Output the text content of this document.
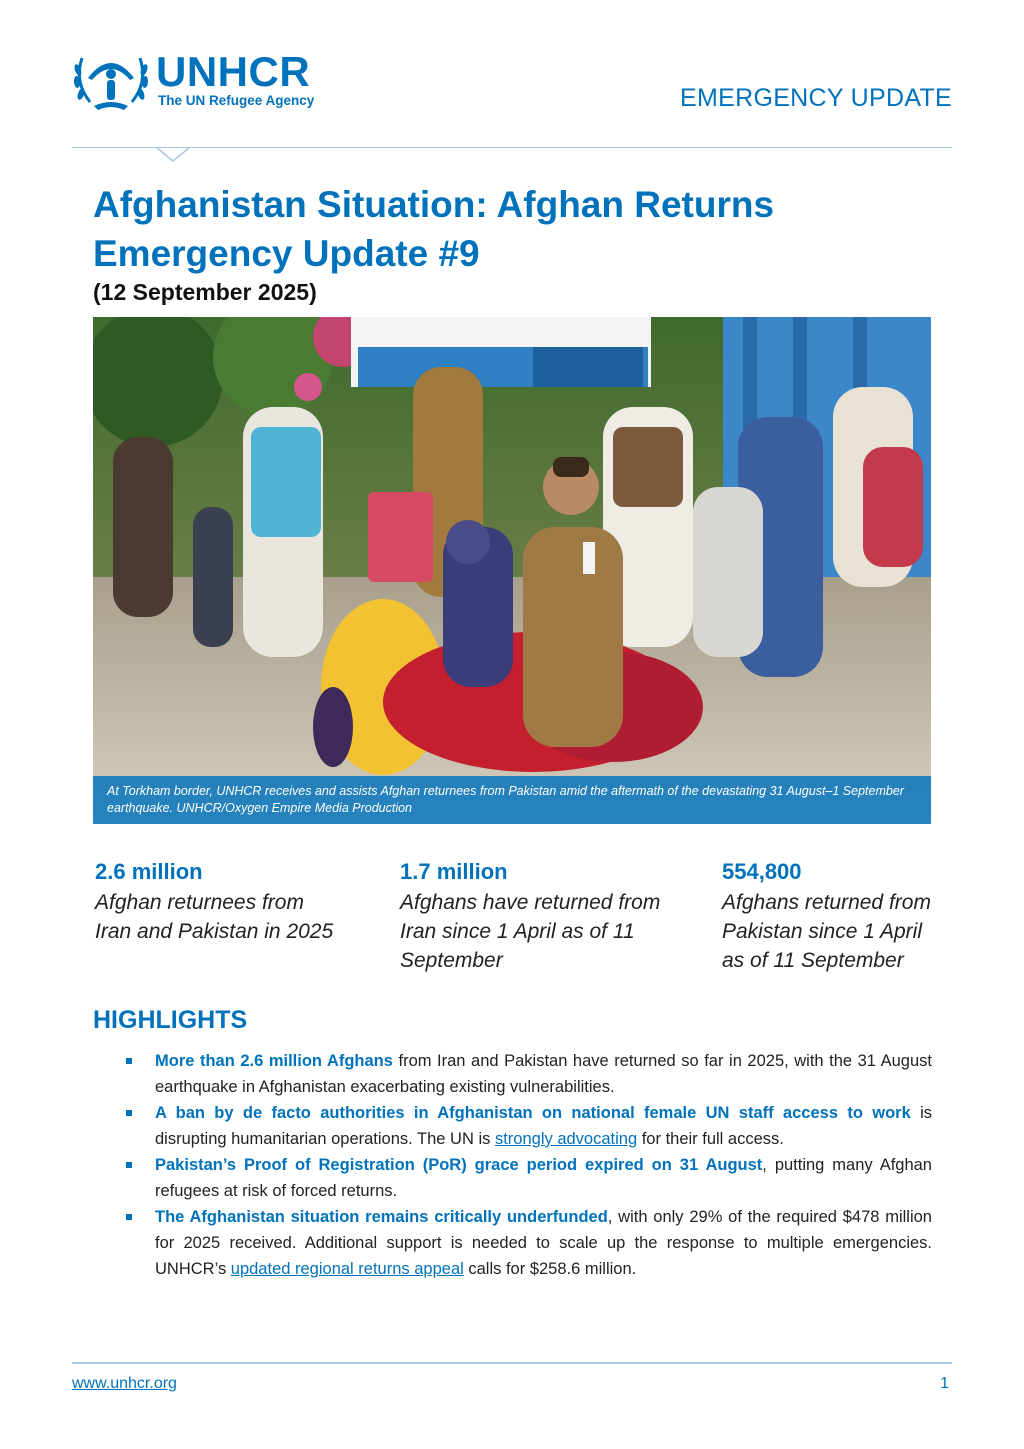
UNHCR
The UN Refugee Agency	EMERGENCY UPDATE
Afghanistan Situation: Afghan Returns
Emergency Update #9
(12 September 2025)
At Torkham border, UNHCR receives and assists Afghan returnees from Pakistan amid the aftermath of the devastating 31 August–1 September earthquake. UNHCR/Oxygen Empire Media Production
2.6 million
Afghan returnees from Iran and Pakistan in 2025
1.7 million
Afghans have returned from Iran since 1 April as of 11 September
554,800
Afghans returned from Pakistan since 1 April as of 11 September
HIGHLIGHTS
More than 2.6 million Afghans from Iran and Pakistan have returned so far in 2025, with the 31 August earthquake in Afghanistan exacerbating existing vulnerabilities.
A ban by de facto authorities in Afghanistan on national female UN staff access to work is disrupting humanitarian operations. The UN is strongly advocating for their full access.
Pakistan’s Proof of Registration (PoR) grace period expired on 31 August, putting many Afghan refugees at risk of forced returns.
The Afghanistan situation remains critically underfunded, with only 29% of the required $478 million for 2025 received. Additional support is needed to scale up the response to multiple emergencies. UNHCR’s updated regional returns appeal calls for $258.6 million.
www.unhcr.org	1
